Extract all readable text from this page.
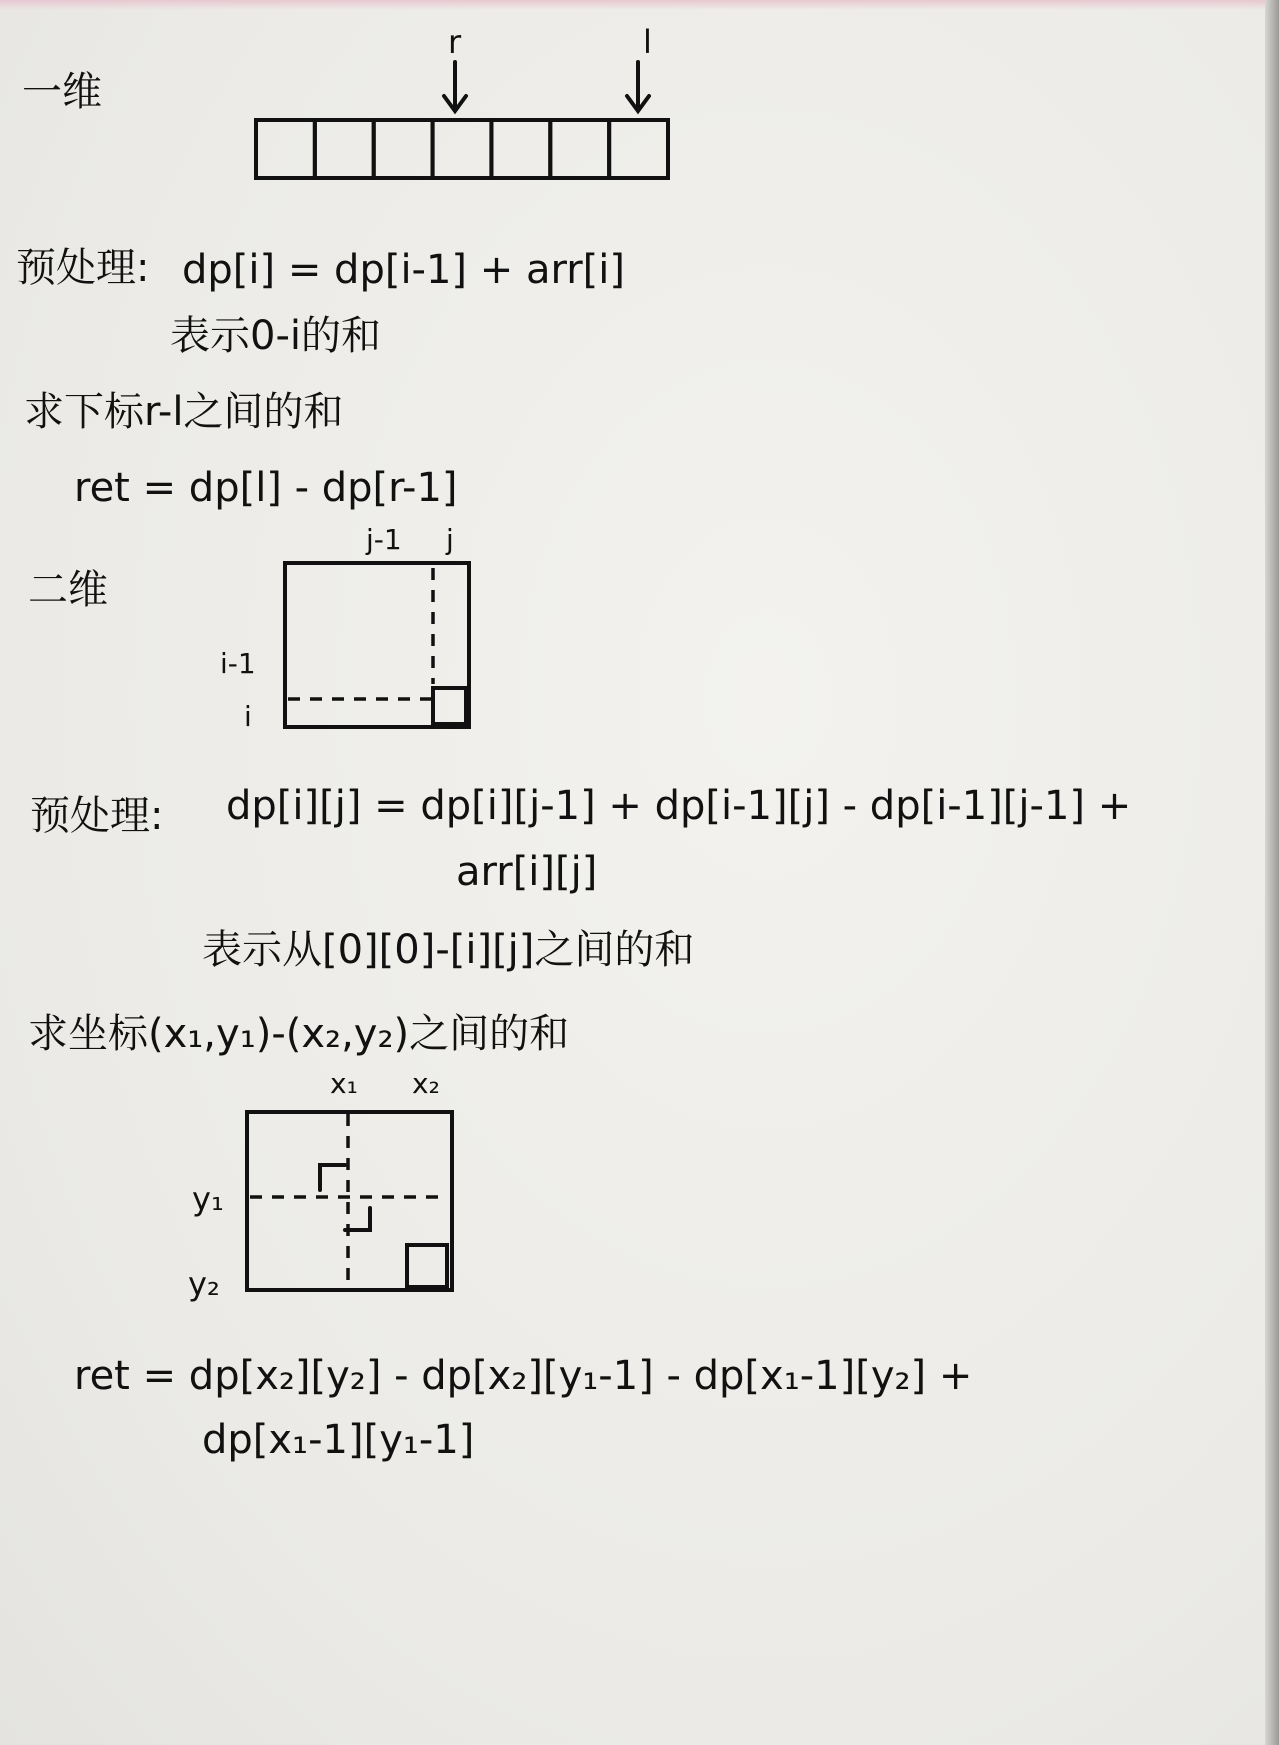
一维
r	l
预处理: dp[i] = dp[i-1] + arr[i]
表示0-i的和
求下标r-l之间的和
ret = dp[l] - dp[r-1]
二维
j-1 j
i-1
i
预处理: dp[i][j] = dp[i][j-1] + dp[i-1][j] - dp[i-1][j-1] +
arr[i][j]
表示从[0][0]-[i][j]之间的和
求坐标(x₁,y₁)-(x₂,y₂)之间的和
x₁ x₂
y₁
y₂
ret = dp[x₂][y₂] - dp[x₂][y₁-1] - dp[x₁-1][y₂] +
dp[x₁-1][y₁-1]
